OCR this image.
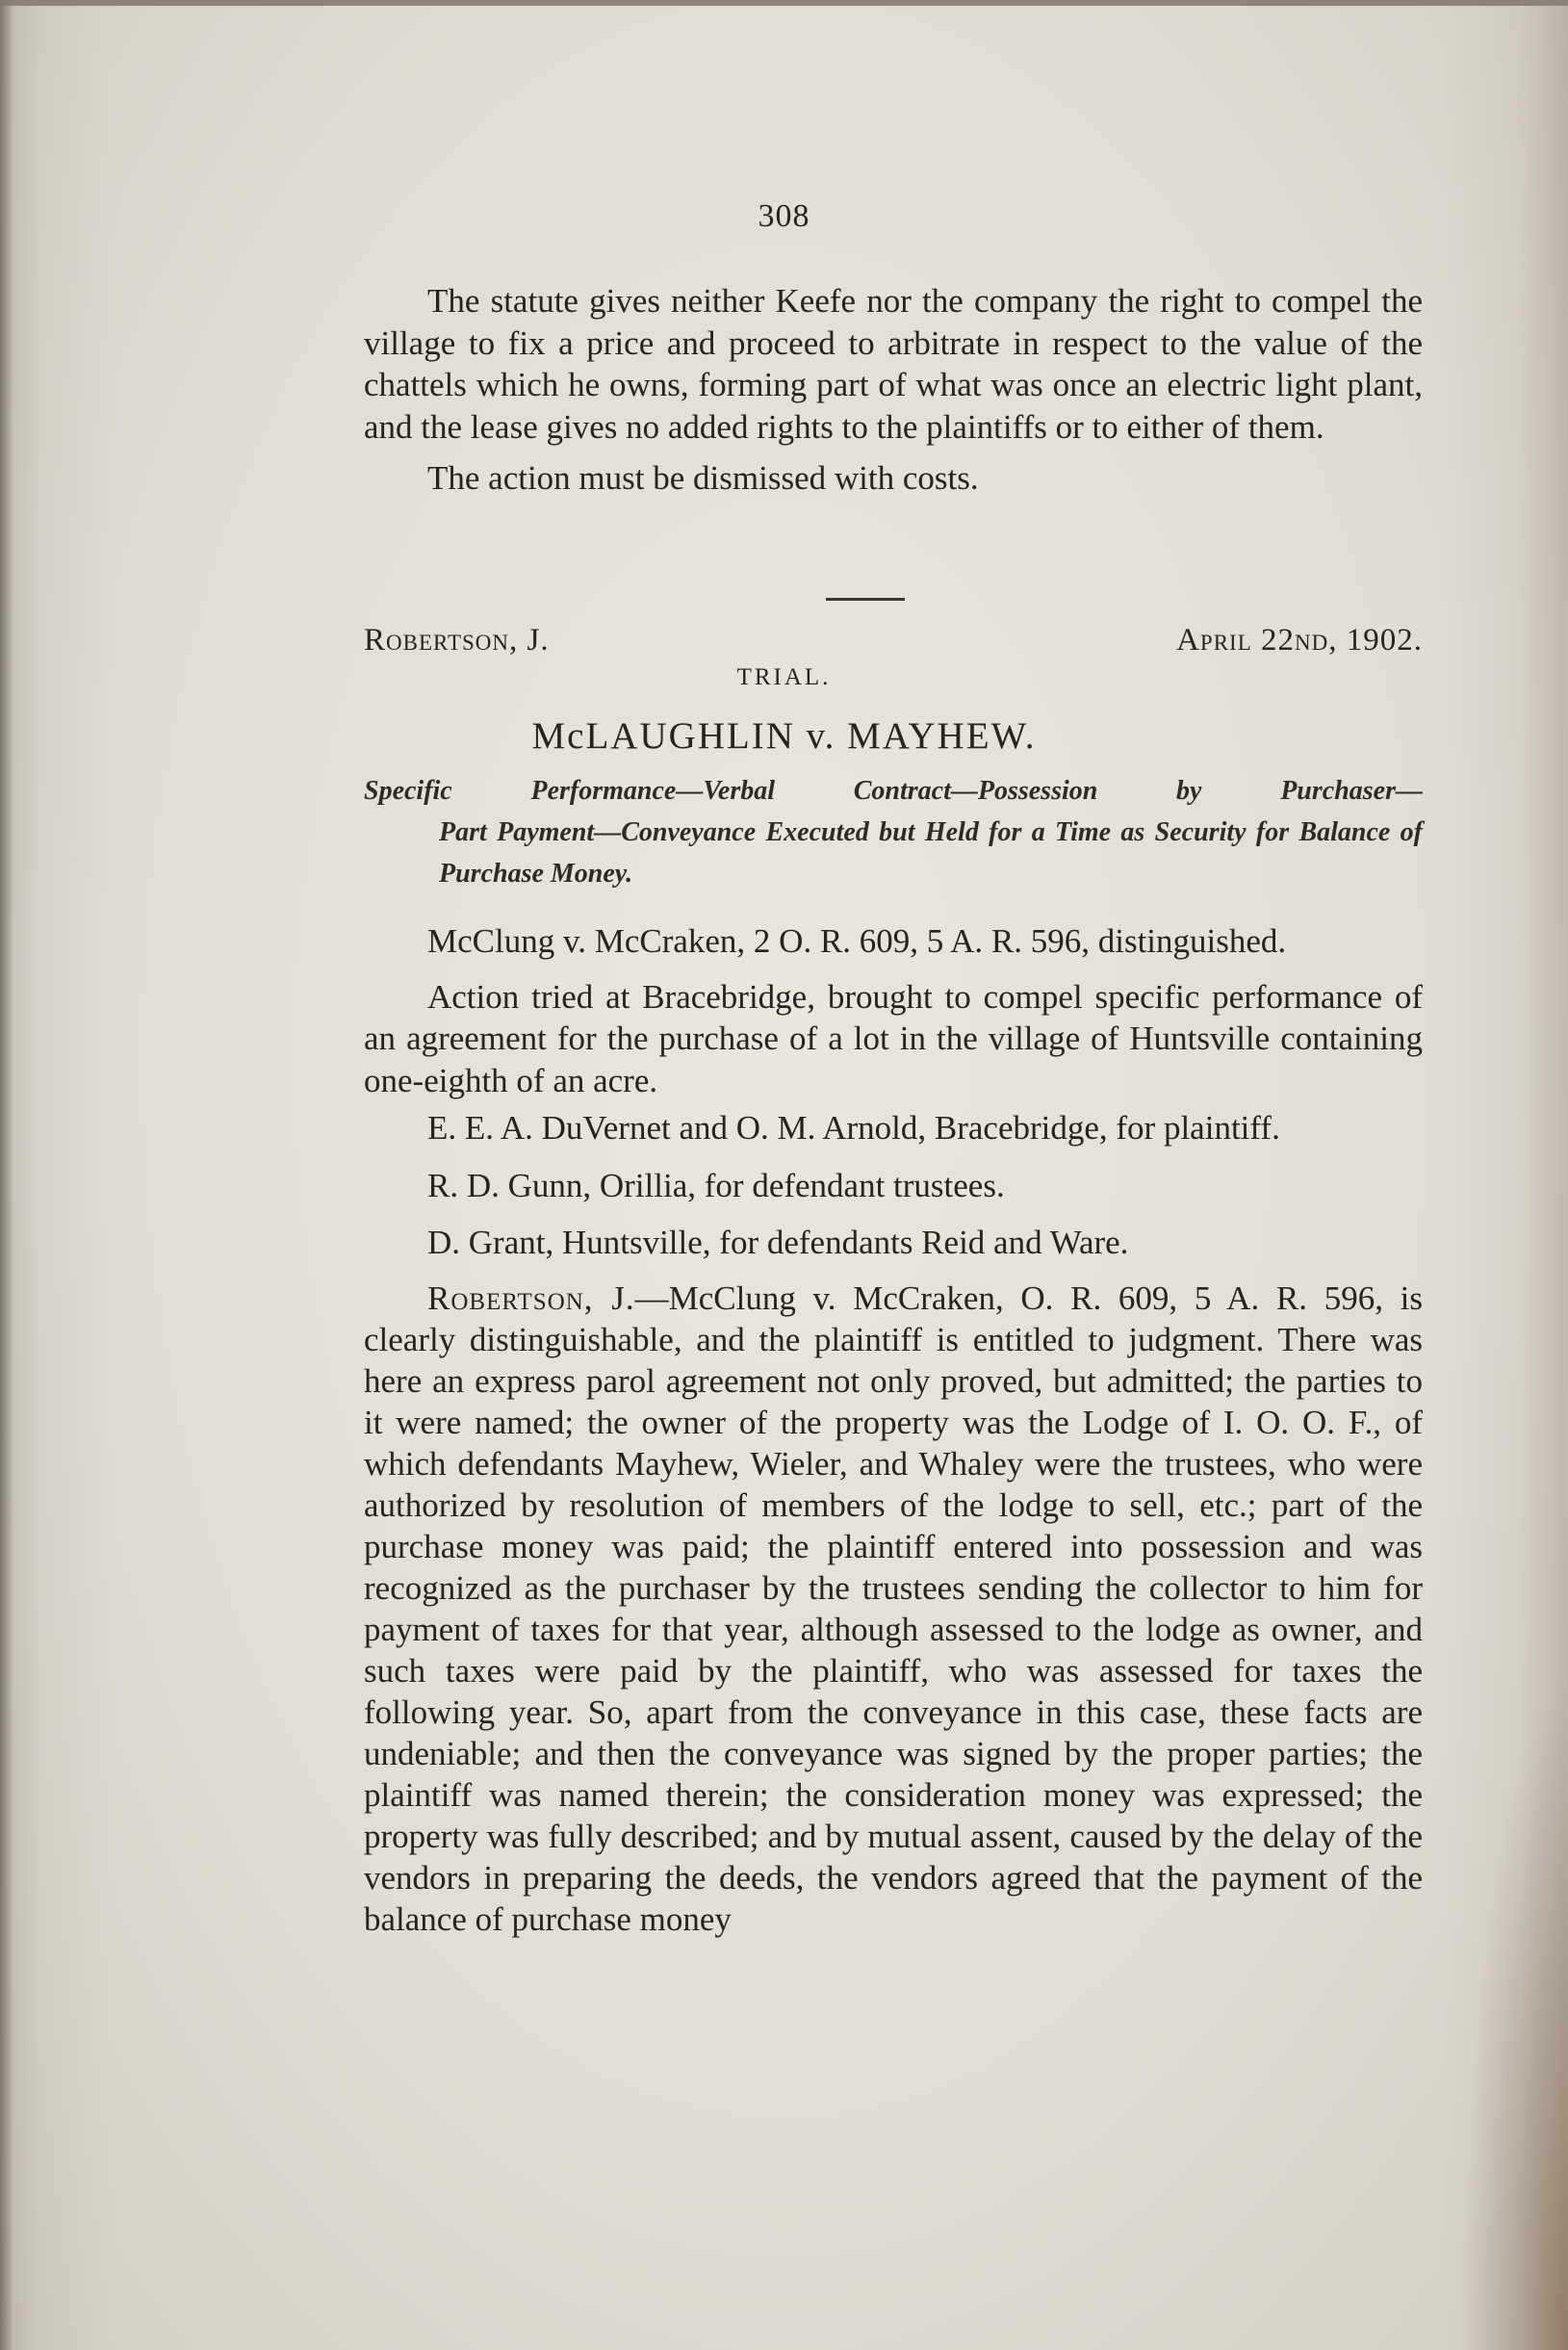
308

The statute gives neither Keefe nor the company the right to compel the village to fix a price and proceed to arbitrate in respect to the value of the chattels which he owns, forming part of what was once an electric light plant, and the lease gives no added rights to the plaintiffs or to either of them.

The action must be dismissed with costs.

Robertson, J.	April 22nd, 1902.
TRIAL.
McLAUGHLIN v. MAYHEW.
Specific Performance—Verbal Contract—Possession by Purchaser—
Part Payment—Conveyance Executed but Held for a Time as Security for Balance of Purchase Money.

McClung v. McCraken, 2 O. R. 609, 5 A. R. 596, distinguished.

Action tried at Bracebridge, brought to compel specific performance of an agreement for the purchase of a lot in the village of Huntsville containing one-eighth of an acre.

E. E. A. DuVernet and O. M. Arnold, Bracebridge, for plaintiff.

R. D. Gunn, Orillia, for defendant trustees.

D. Grant, Huntsville, for defendants Reid and Ware.

Robertson, J.—McClung v. McCraken, O. R. 609, 5 A. R. 596, is clearly distinguishable, and the plaintiff is entitled to judgment. There was here an express parol agreement not only proved, but admitted; the parties to it were named; the owner of the property was the Lodge of I. O. O. F., of which defendants Mayhew, Wieler, and Whaley were the trustees, who were authorized by resolution of members of the lodge to sell, etc.; part of the purchase money was paid; the plaintiff entered into possession and was recognized as the purchaser by the trustees sending the collector to him for payment of taxes for that year, although assessed to the lodge as owner, and such taxes were paid by the plaintiff, who was assessed for taxes the following year. So, apart from the conveyance in this case, these facts are undeniable; and then the conveyance was signed by the proper parties; the plaintiff was named therein; the consideration money was expressed; the property was fully described; and by mutual assent, caused by the delay of the vendors in preparing the deeds, the vendors agreed that the payment of the balance of purchase money
